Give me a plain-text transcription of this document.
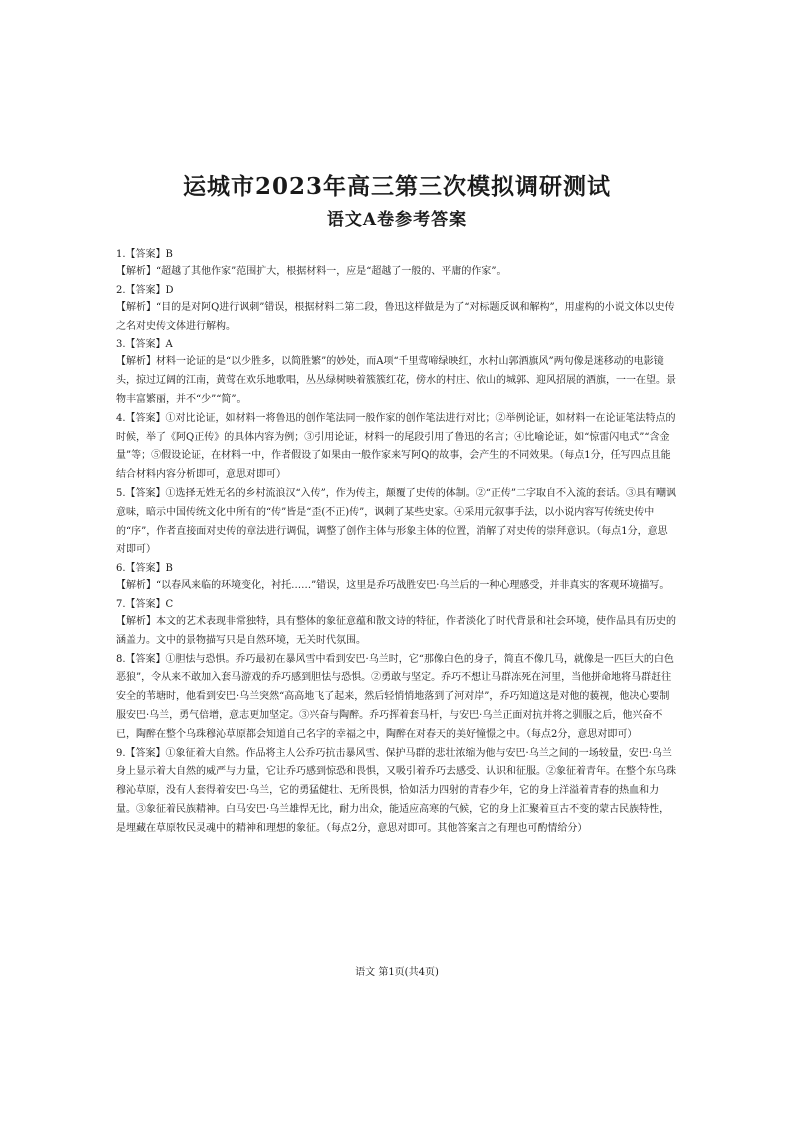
运城市2023年高三第三次模拟调研测试
语文A卷参考答案
1.【答案】B
【解析】“超越了其他作家”范围扩大，根据材料一，应是“超越了一般的、平庸的作家”。
2.【答案】D
【解析】“目的是对阿Q进行讽刺”错误，根据材料二第二段，鲁迅这样做是为了“对标题反讽和解构”，用虚构的小说文体以史传之名对史传文体进行解构。
3.【答案】A
【解析】材料一论证的是“以少胜多，以简胜繁”的妙处，而A项“千里莺啼绿映红，水村山郭酒旗风”两句像是迷移动的电影镜头，掠过辽阔的江南，黄莺在欢乐地歌唱，丛丛绿树映着簇簇红花，傍水的村庄、依山的城郭、迎风招展的酒旗，一一在望。景物丰富繁丽，并不“少”“简”。
4.【答案】①对比论证，如材料一将鲁迅的创作笔法同一般作家的创作笔法进行对比；②举例论证，如材料一在论证笔法特点的时候，举了《阿Q正传》的具体内容为例；③引用论证，材料一的尾段引用了鲁迅的名言；④比喻论证，如“惊雷闪电式”“含金量”等；⑤假设论证，在材料一中，作者假设了如果由一般作家来写阿Q的故事，会产生的不同效果。（每点1分，任写四点且能结合材料内容分析即可，意思对即可）
5.【答案】①选择无姓无名的乡村流浪汉“入传”，作为传主，颠覆了史传的体制。②“正传”二字取自不入流的套话。③具有嘲讽意味，暗示中国传统文化中所有的“传”皆是“歪(不正)传”，讽刺了某些史家。④采用元叙事手法，以小说内容写传统史传中的“序”，作者直接面对史传的章法进行调侃，调整了创作主体与形象主体的位置，消解了对史传的崇拜意识。（每点1分，意思对即可）
6.【答案】B
【解析】“以春风来临的环境变化，衬托……”错误，这里是乔巧战胜安巴·乌兰后的一种心理感受，并非真实的客观环境描写。
7.【答案】C
【解析】本文的艺术表现非常独特，具有整体的象征意蕴和散文诗的特征，作者淡化了时代背景和社会环境，使作品具有历史的涵盖力。文中的景物描写只是自然环境，无关时代氛围。
8.【答案】①胆怯与恐惧。乔巧最初在暴风雪中看到安巴·乌兰时，它“那像白色的身子，简直不像几马，就像是一匹巨大的白色恶狼”，令从来不敢加入套马游戏的乔巧感到胆怯与恐惧。②勇敢与坚定。乔巧不想让马群冻死在河里，当他拼命地将马群赶往安全的苇塘时，他看到安巴·乌兰突然“高高地飞了起来，然后轻悄悄地落到了河对岸”，乔巧知道这是对他的藐视，他决心要制服安巴·乌兰，勇气倍增，意志更加坚定。③兴奋与陶醉。乔巧挥着套马杆，与安巴·乌兰正面对抗并将之驯服之后，他兴奋不已，陶醉在整个乌珠穆沁草原都会知道自己名字的幸福之中，陶醉在对春天的美好憧憬之中。（每点2分，意思对即可）
9.【答案】①象征着大自然。作品将主人公乔巧抗击暴风雪、保护马群的悲壮浓缩为他与安巴·乌兰之间的一场较量，安巴·乌兰身上显示着大自然的威严与力量，它让乔巧感到惊恐和畏惧，又吸引着乔巧去感受、认识和征服。②象征着青年。在整个东乌珠穆沁草原，没有人套得着安巴·乌兰，它的勇猛健壮、无所畏惧，恰如活力四射的青春少年，它的身上洋溢着青春的热血和力量。③象征着民族精神。白马安巴·乌兰雄悍无比，耐力出众，能适应高寒的气候，它的身上汇聚着亘古不变的蒙古民族特性，是埋藏在草原牧民灵魂中的精神和理想的象征。（每点2分，意思对即可。其他答案言之有理也可酌情给分）
语文 第1页(共4页)
